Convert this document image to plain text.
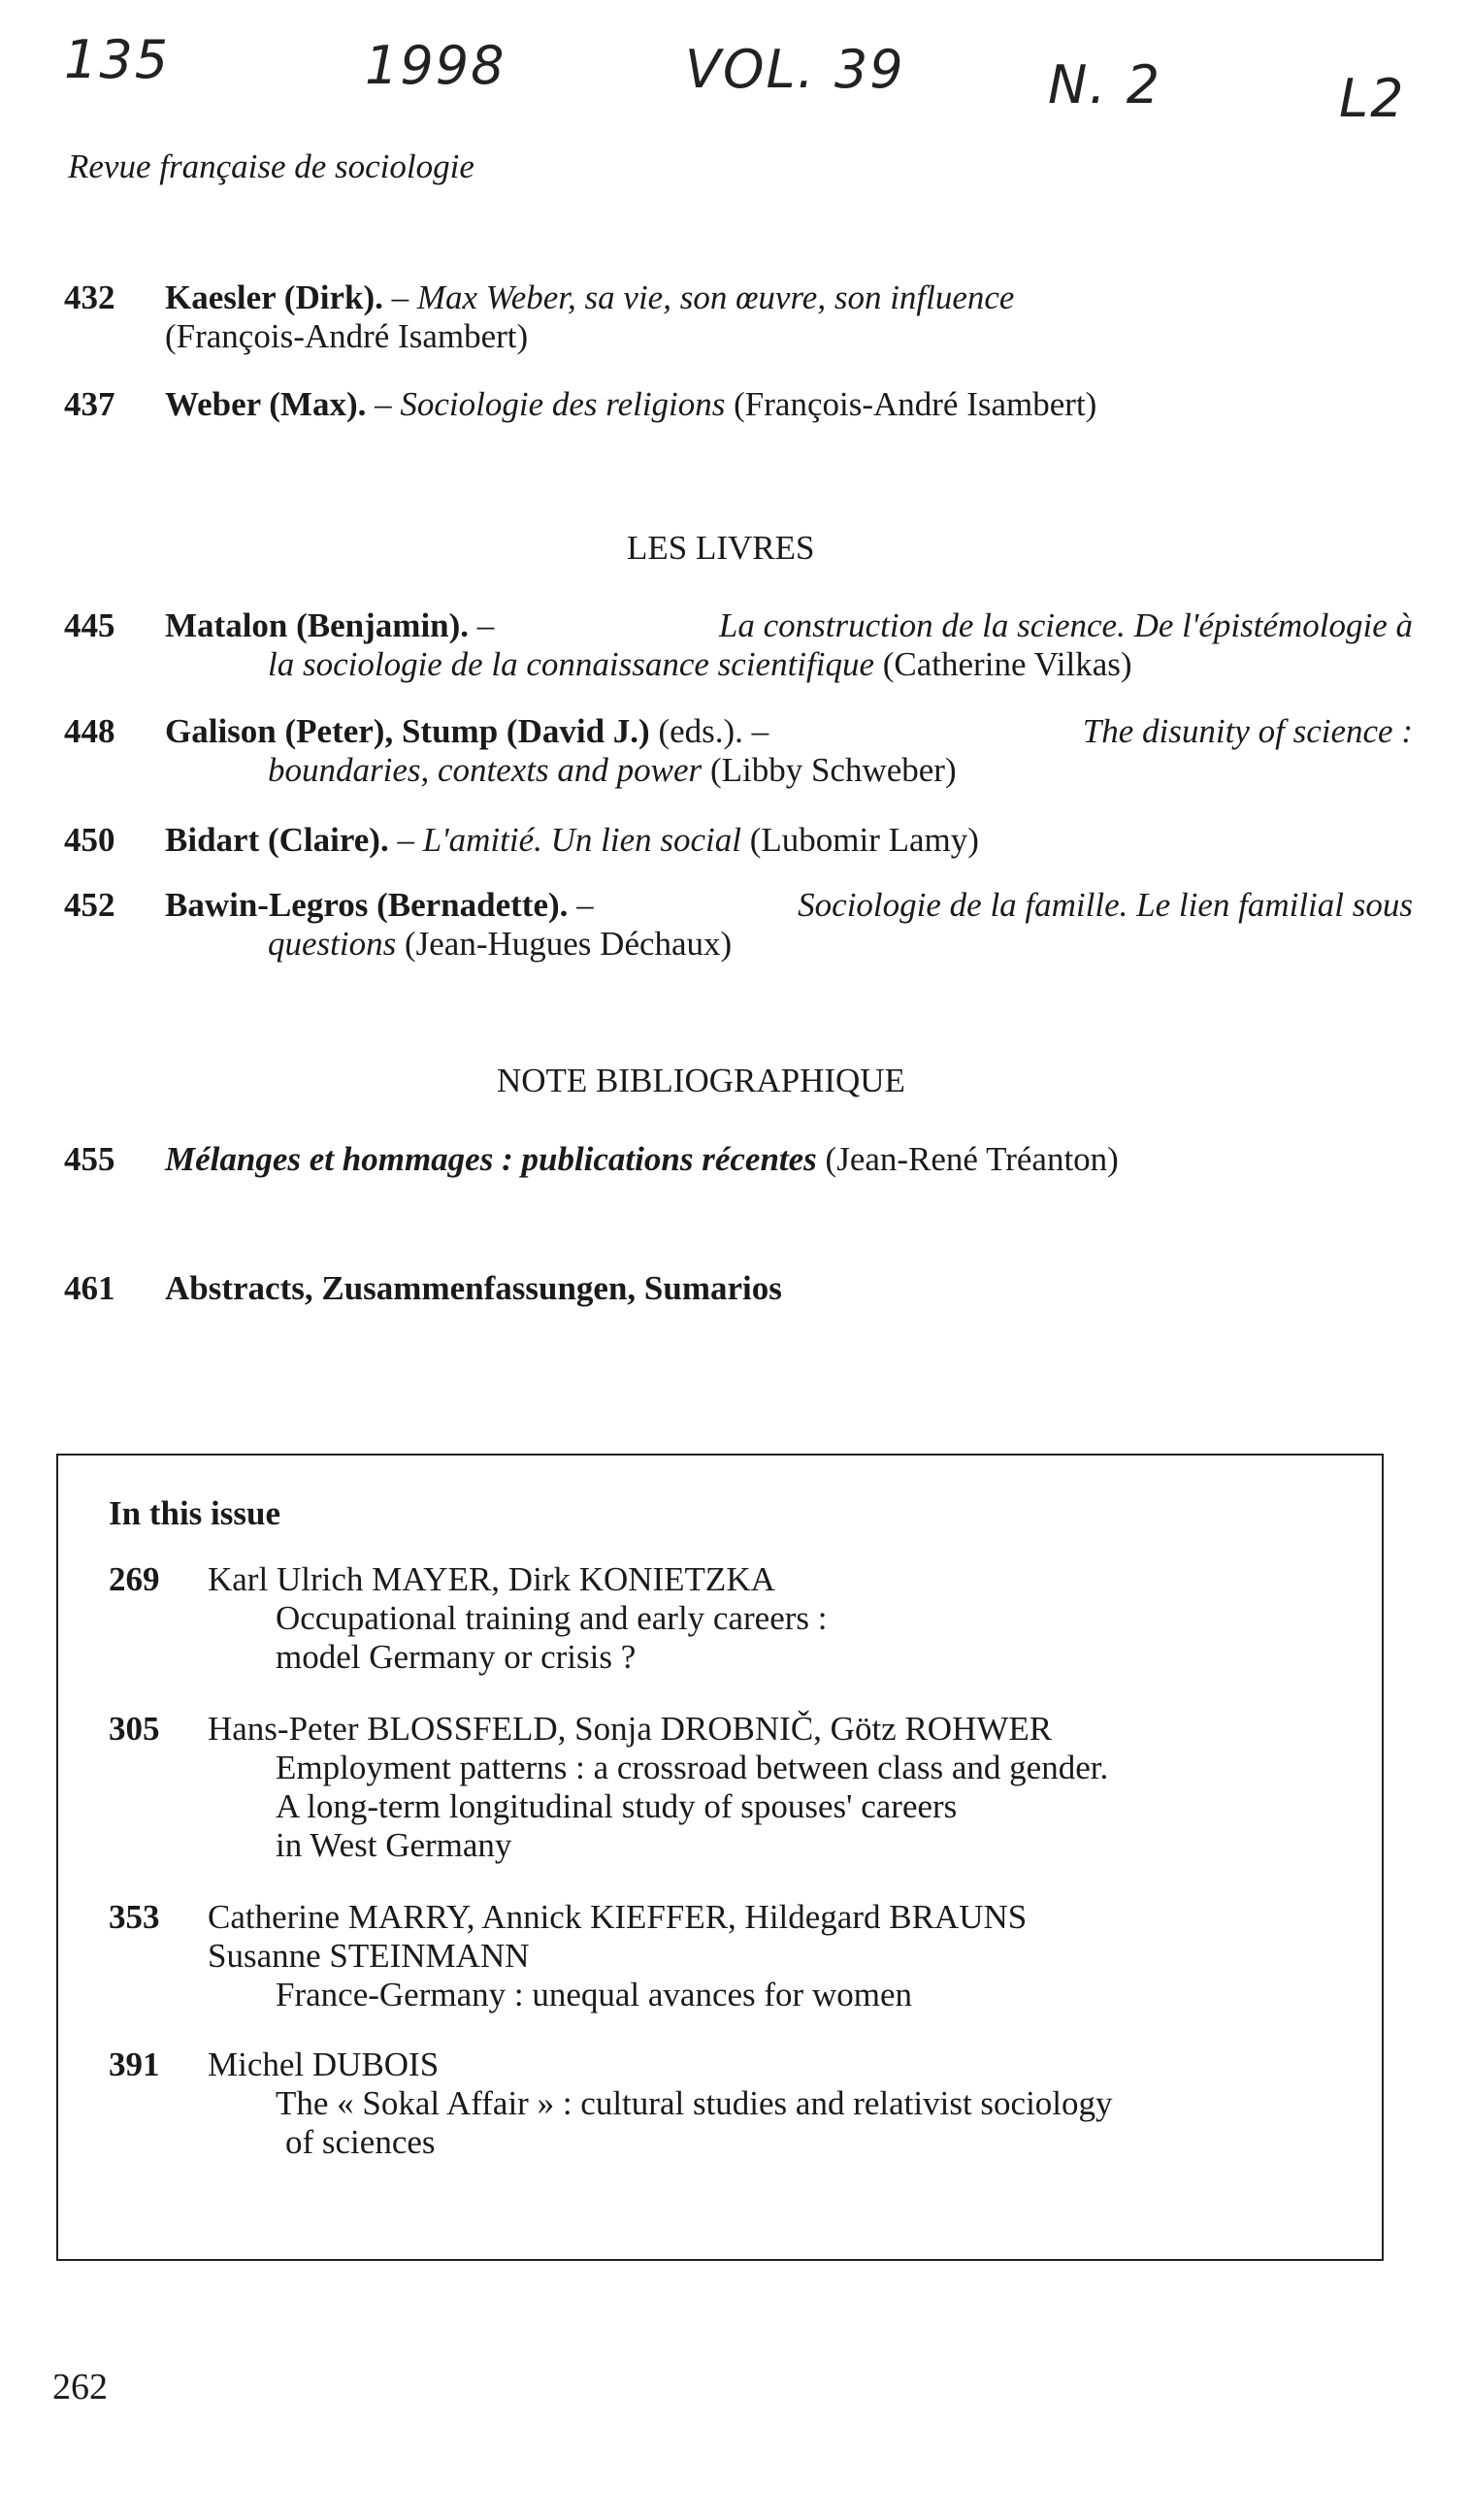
135	1998	VOL. 39	N. 2	L2
Revue française de sociologie
432 Kaesler (Dirk). – Max Weber, sa vie, son œuvre, son influence
(François-André Isambert)
437 Weber (Max). – Sociologie des religions (François-André Isambert)
LES LIVRES
445 Matalon (Benjamin). –	La construction de la science. De l'épistémologie à
la sociologie de la connaissance scientifique (Catherine Vilkas)
448 Galison (Peter), Stump (David J.) (eds.). –	The disunity of science :
boundaries, contexts and power (Libby Schweber)
450 Bidart (Claire). – L'amitié. Un lien social (Lubomir Lamy)
452 Bawin-Legros (Bernadette). –	Sociologie de la famille. Le lien familial sous
questions (Jean-Hugues Déchaux)
NOTE BIBLIOGRAPHIQUE
455 Mélanges et hommages : publications récentes (Jean-René Tréanton)
461 Abstracts, Zusammenfassungen, Sumarios
In this issue
269 Karl Ulrich MAYER, Dirk KONIETZKA
Occupational training and early careers :
model Germany or crisis ?
305 Hans-Peter BLOSSFELD, Sonja DROBNIČ, Götz ROHWER
Employment patterns : a crossroad between class and gender.
A long-term longitudinal study of spouses' careers
in West Germany
353 Catherine MARRY, Annick KIEFFER, Hildegard BRAUNS
Susanne STEINMANN
France-Germany : unequal avances for women
391 Michel DUBOIS
The « Sokal Affair » : cultural studies and relativist sociology
of sciences
262
